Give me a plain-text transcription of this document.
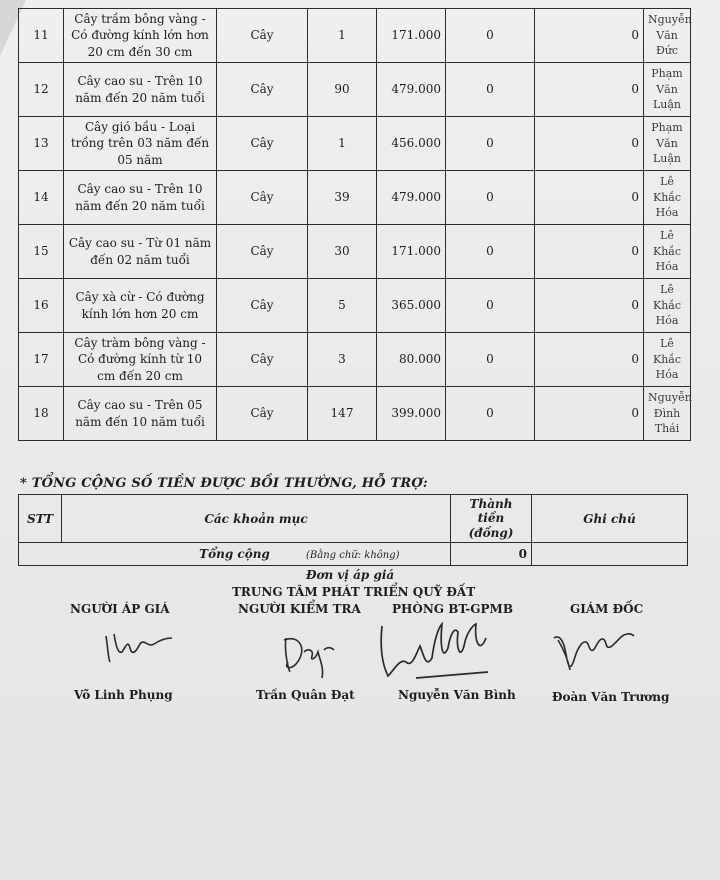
11	Cây trầm bông vàng - Có đường kính lớn hơn 20 cm đến 30 cm	Cây	1	171.000	0	0	Nguyễn Văn Đức
12	Cây cao su - Trên 10 năm đến 20 năm tuổi	Cây	90	479.000	0	0	Phạm Văn Luận
13	Cây gió bầu - Loại trồng trên 03 năm đến 05 năm	Cây	1	456.000	0	0	Phạm Văn Luận
14	Cây cao su - Trên 10 năm đến 20 năm tuổi	Cây	39	479.000	0	0	Lê Khắc Hóa
15	Cây cao su - Từ 01 năm đến 02 năm tuổi	Cây	30	171.000	0	0	Lê Khắc Hóa
16	Cây xà cừ - Có đường kính lớn hơn 20 cm	Cây	5	365.000	0	0	Lê Khắc Hóa
17	Cây tràm bông vàng - Có đường kính từ 10 cm đến 20 cm	Cây	3	80.000	0	0	Lê Khắc Hóa
18	Cây cao su - Trên 05 năm đến 10 năm tuổi	Cây	147	399.000	0	0	Nguyễn Đình Thái
* TỔNG CỘNG SỐ TIỀN ĐƯỢC BỒI THƯỜNG, HỖ TRỢ:
STT	Các khoản mục	Thành tiền (đồng)	Ghi chú
Tổng cộng		0	
(Bằng chữ: không)
Đơn vị áp giá
TRUNG TÂM PHÁT TRIỂN QUỸ ĐẤT
NGƯỜI ÁP GIÁ	NGƯỜI KIỂM TRA	PHÒNG BT-GPMB	GIÁM ĐỐC
Võ Linh Phụng	Trần Quân Đạt	Nguyễn Văn Bình	Đoàn Văn Trương
